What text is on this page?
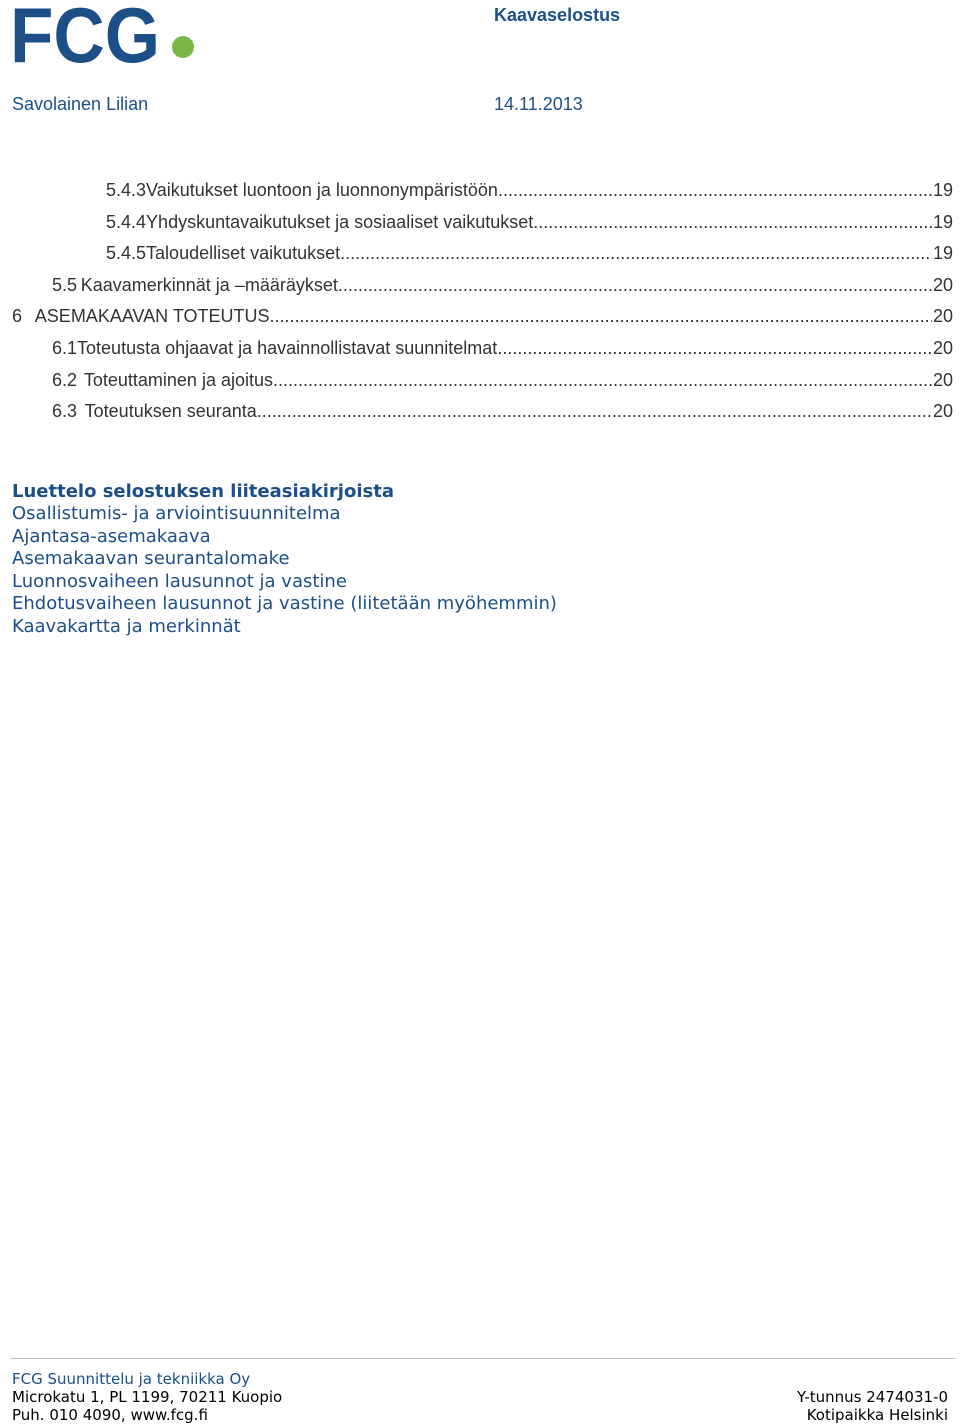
FCG	Kaavaselostus
Savolainen Lilian	14.11.2013
5.4.3 Vaikutukset luontoon ja luonnonympäristöön .....	19
5.4.4 Yhdyskuntavaikutukset ja sosiaaliset vaikutukset .....	19
5.4.5 Taloudelliset vaikutukset .....	19
5.5 Kaavamerkinnät ja –määräykset .....	20
6 ASEMAKAAVAN TOTEUTUS .....	20
6.1 Toteutusta ohjaavat ja havainnollistavat suunnitelmat .....	20
6.2 Toteuttaminen ja ajoitus .....	20
6.3 Toteutuksen seuranta .....	20
Luettelo selostuksen liiteasiakirjoista
Osallistumis- ja arviointisuunnitelma
Ajantasa-asemakaava
Asemakaavan seurantalomake
Luonnosvaiheen lausunnot ja vastine
Ehdotusvaiheen lausunnot ja vastine (liitetään myöhemmin)
Kaavakartta ja merkinnät
FCG Suunnittelu ja tekniikka Oy
Microkatu 1, PL 1199, 70211 Kuopio
Puh. 010 4090, www.fcg.fi
Y-tunnus 2474031-0
Kotipaikka Helsinki
